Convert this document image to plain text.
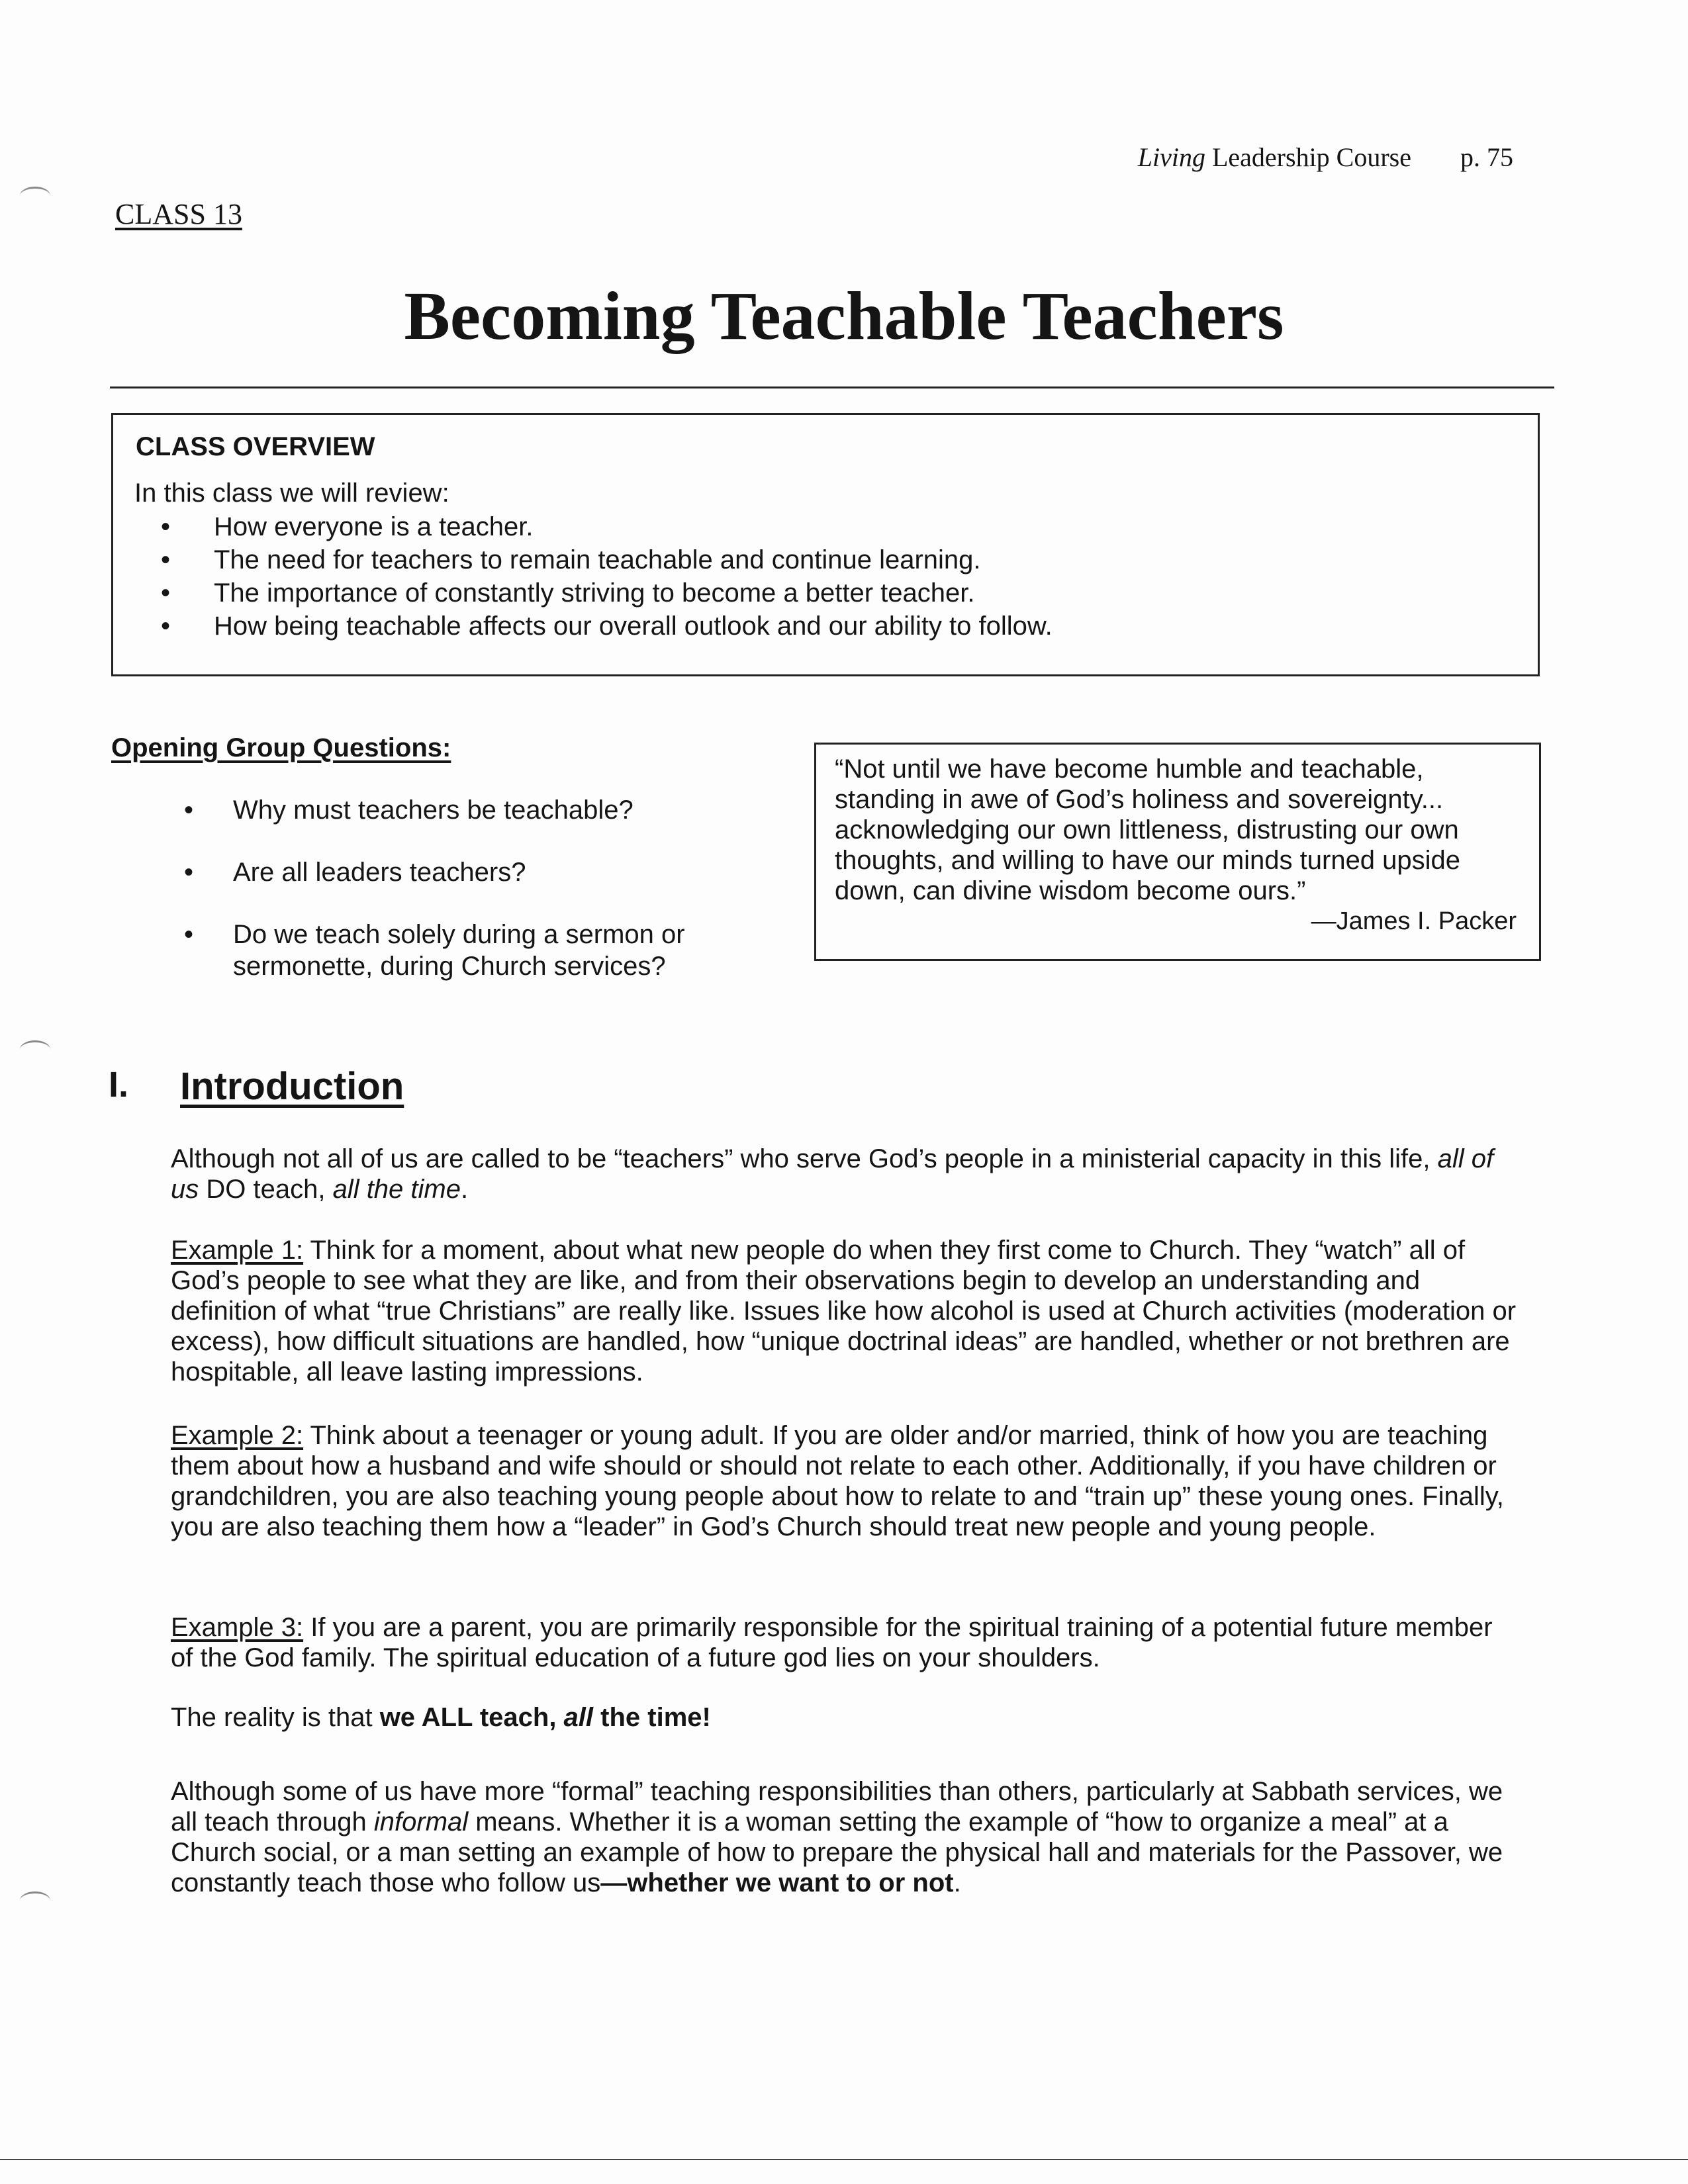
Living Leadership Course p. 75
CLASS 13
Becoming Teachable Teachers
CLASS OVERVIEW
In this class we will review:
• How everyone is a teacher.
• The need for teachers to remain teachable and continue learning.
• The importance of constantly striving to become a better teacher.
• How being teachable affects our overall outlook and our ability to follow.
Opening Group Questions:
• Why must teachers be teachable?
• Are all leaders teachers?
• Do we teach solely during a sermon or sermonette, during Church services?
“Not until we have become humble and teachable, standing in awe of God’s holiness and sovereignty... acknowledging our own littleness, distrusting our own thoughts, and willing to have our minds turned upside down, can divine wisdom become ours.”
—James I. Packer
I. Introduction
Although not all of us are called to be “teachers” who serve God’s people in a ministerial capacity in this life, all of us DO teach, all the time.
Example 1: Think for a moment, about what new people do when they first come to Church. They “watch” all of God’s people to see what they are like, and from their observations begin to develop an understanding and definition of what “true Christians” are really like. Issues like how alcohol is used at Church activities (moderation or excess), how difficult situations are handled, how “unique doctrinal ideas” are handled, whether or not brethren are hospitable, all leave lasting impressions.
Example 2: Think about a teenager or young adult. If you are older and/or married, think of how you are teaching them about how a husband and wife should or should not relate to each other. Additionally, if you have children or grandchildren, you are also teaching young people about how to relate to and “train up” these young ones. Finally, you are also teaching them how a “leader” in God’s Church should treat new people and young people.
Example 3: If you are a parent, you are primarily responsible for the spiritual training of a potential future member of the God family. The spiritual education of a future god lies on your shoulders.
The reality is that we ALL teach, all the time!
Although some of us have more “formal” teaching responsibilities than others, particularly at Sabbath services, we all teach through informal means. Whether it is a woman setting the example of “how to organize a meal” at a Church social, or a man setting an example of how to prepare the physical hall and materials for the Passover, we constantly teach those who follow us—whether we want to or not.
